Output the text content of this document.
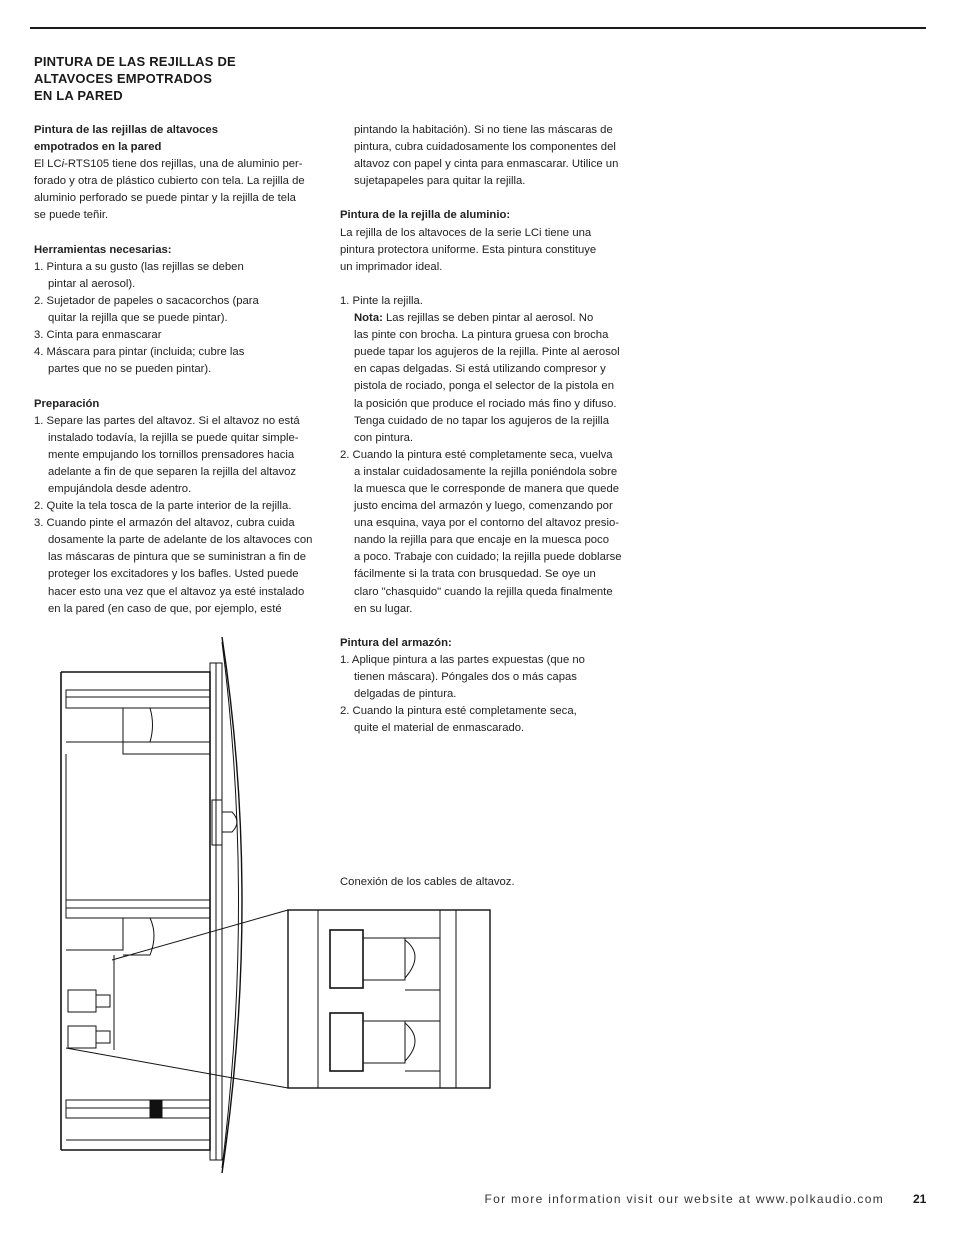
PINTURA DE LAS REJILLAS DE
ALTAVOCES EMPOTRADOS
EN LA PARED
Pintura de las rejillas de altavoces
empotrados en la pared
El LCi-RTS105 tiene dos rejillas, una de aluminio per-
forado y otra de plástico cubierto con tela. La rejilla de
aluminio perforado se puede pintar y la rejilla de tela
se puede teñir.
Herramientas necesarias:
1. Pintura a su gusto (las rejillas se deben
pintar al aerosol).
2. Sujetador de papeles o sacacorchos (para
quitar la rejilla que se puede pintar).
3. Cinta para enmascarar
4. Máscara para pintar (incluida; cubre las
partes que no se pueden pintar).
Preparación
1. Separe las partes del altavoz. Si el altavoz no está
instalado todavía, la rejilla se puede quitar simple-
mente empujando los tornillos prensadores hacia
adelante a fin de que separen la rejilla del altavoz
empujándola desde adentro.
2. Quite la tela tosca de la parte interior de la rejilla.
3. Cuando pinte el armazón del altavoz, cubra cuida
dosamente la parte de adelante de los altavoces con
las máscaras de pintura que se suministran a fin de
proteger los excitadores y los bafles. Usted puede
hacer esto una vez que el altavoz ya esté instalado
en la pared (en caso de que, por ejemplo, esté
pintando la habitación). Si no tiene las máscaras de
pintura, cubra cuidadosamente los componentes del
altavoz con papel y cinta para enmascarar. Utilice un
sujetapapeles para quitar la rejilla.
Pintura de la rejilla de aluminio:
La rejilla de los altavoces de la serie LCi tiene una
pintura protectora uniforme. Esta pintura constituye
un imprimador ideal.
1. Pinte la rejilla.
Nota: Las rejillas se deben pintar al aerosol. No
las pinte con brocha. La pintura gruesa con brocha
puede tapar los agujeros de la rejilla. Pinte al aerosol
en capas delgadas. Si está utilizando compresor y
pistola de rociado, ponga el selector de la pistola en
la posición que produce el rociado más fino y difuso.
Tenga cuidado de no tapar los agujeros de la rejilla
con pintura.
2. Cuando la pintura esté completamente seca, vuelva
a instalar cuidadosamente la rejilla poniéndola sobre
la muesca que le corresponde de manera que quede
justo encima del armazón y luego, comenzando por
una esquina, vaya por el contorno del altavoz presio-
nando la rejilla para que encaje en la muesca poco
a poco. Trabaje con cuidado; la rejilla puede doblarse
fácilmente si la trata con brusquedad. Se oye un
claro "chasquido" cuando la rejilla queda finalmente
en su lugar.
Pintura del armazón:
1. Aplique pintura a las partes expuestas (que no
tienen máscara). Póngales dos o más capas
delgadas de pintura.
2. Cuando la pintura esté completamente seca,
quite el material de enmascarado.
Conexión de los cables de altavoz.
For more information visit our website at www.polkaudio.com 21
